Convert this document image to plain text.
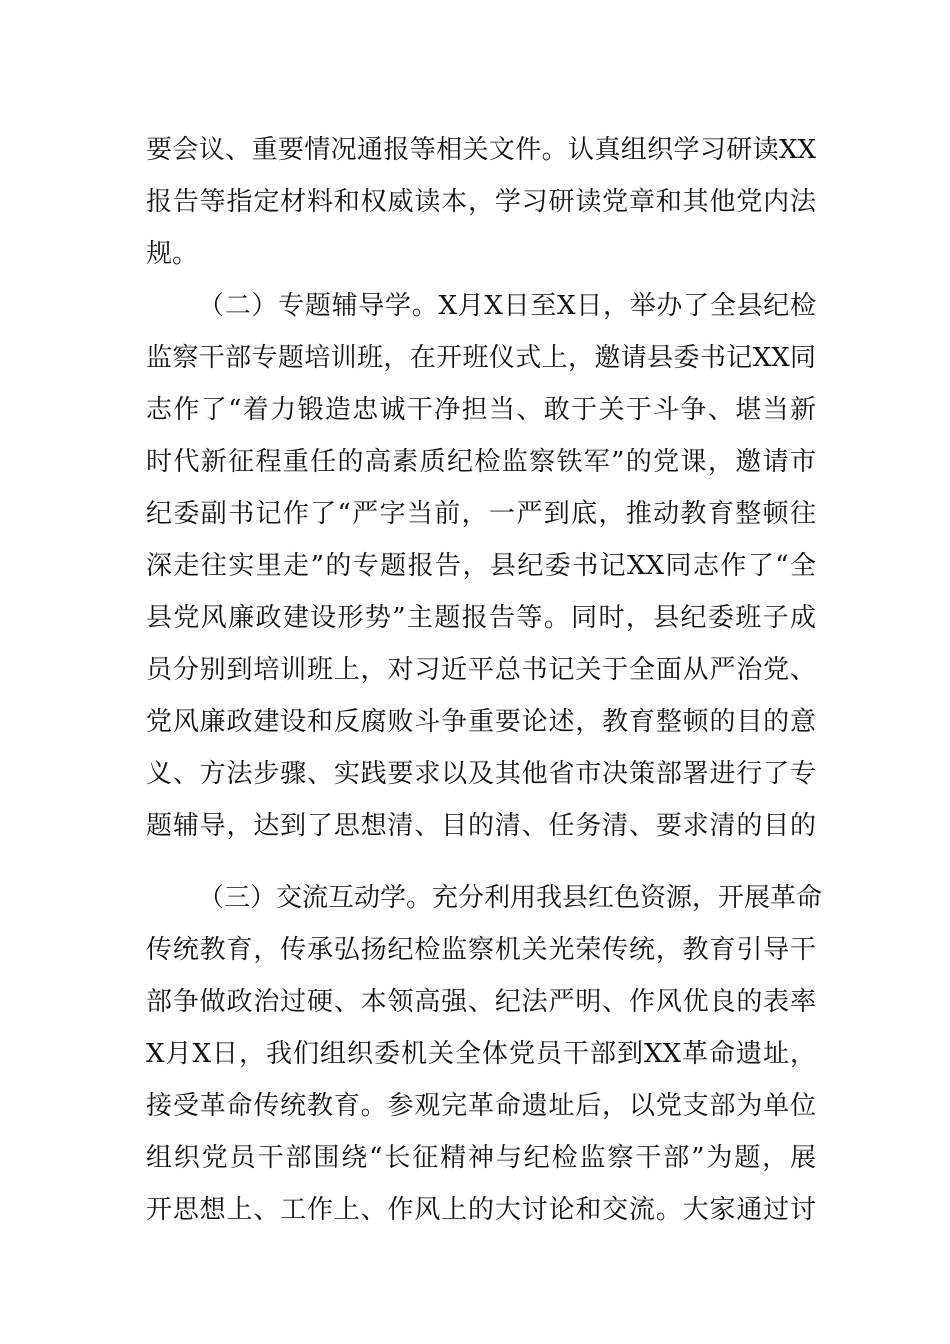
要会议、重要情况通报等相关文件。认真组织学习研读XX
报告等指定材料和权威读本，学习研读党章和其他党内法
规。
（二）专题辅导学。X月X日至X日，举办了全县纪检
监察干部专题培训班，在开班仪式上，邀请县委书记XX同
志作了“着力锻造忠诚干净担当、敢于关于斗争、堪当新
时代新征程重任的高素质纪检监察铁军”的党课，邀请市
纪委副书记作了“严字当前，一严到底，推动教育整顿往
深走往实里走”的专题报告，县纪委书记XX同志作了“全
县党风廉政建设形势”主题报告等。同时，县纪委班子成
员分别到培训班上，对习近平总书记关于全面从严治党、
党风廉政建设和反腐败斗争重要论述，教育整顿的目的意
义、方法步骤、实践要求以及其他省市决策部署进行了专
题辅导，达到了思想清、目的清、任务清、要求清的目的
（三）交流互动学。充分利用我县红色资源，开展革命
传统教育，传承弘扬纪检监察机关光荣传统，教育引导干
部争做政治过硬、本领高强、纪法严明、作风优良的表率
X月X日，我们组织委机关全体党员干部到XX革命遗址，
接受革命传统教育。参观完革命遗址后，以党支部为单位
组织党员干部围绕“长征精神与纪检监察干部”为题，展
开思想上、工作上、作风上的大讨论和交流。大家通过讨
